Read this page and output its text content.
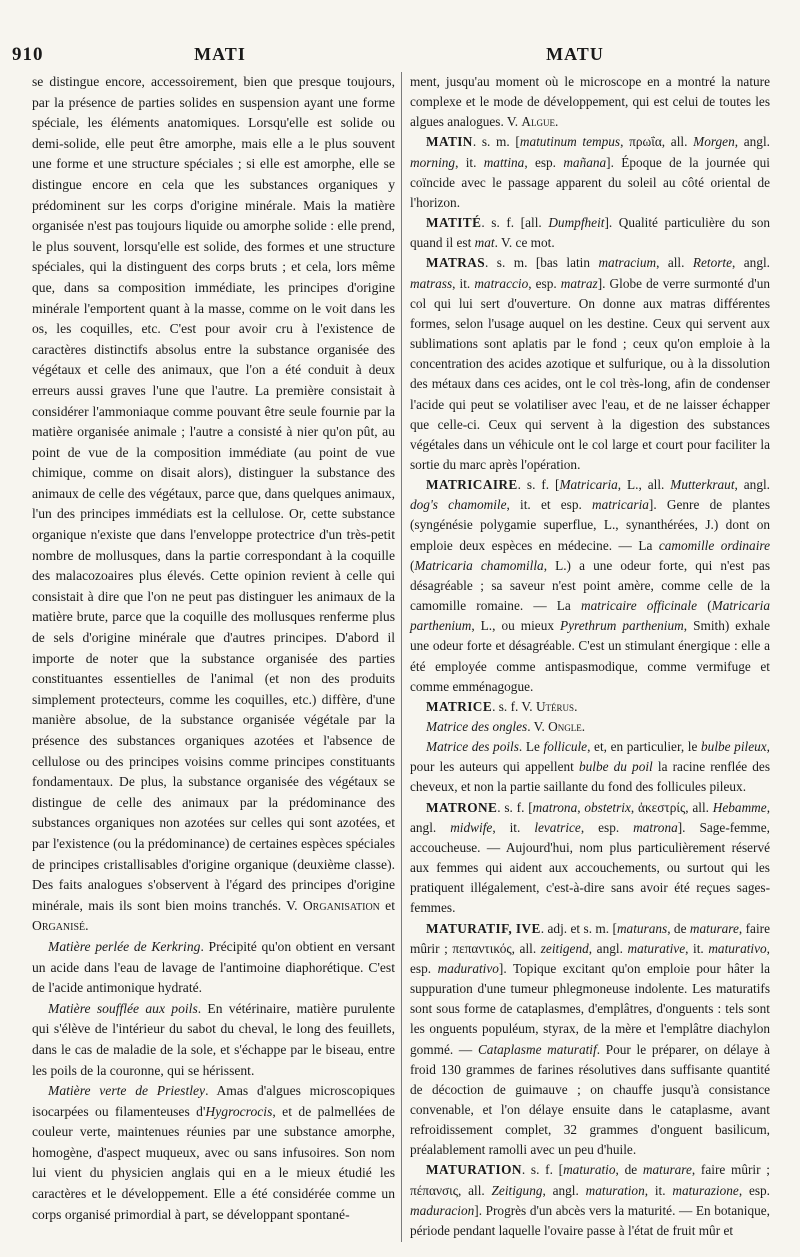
910	MATI	MATU

se distingue encore, accessoirement, bien que presque toujours, par la présence de parties solides en suspension ayant une forme spéciale, les éléments anatomiques. Lorsqu'elle est solide ou demi-solide, elle peut être amorphe, mais elle a le plus souvent une forme et une structure spéciales ; si elle est amorphe, elle se distingue encore en cela que les substances organiques y prédominent sur les corps d'origine minérale. Mais la matière organisée n'est pas toujours liquide ou amorphe solide : elle prend, le plus souvent, lorsqu'elle est solide, des formes et une structure spéciales, qui la distinguent des corps bruts ; et cela, lors même que, dans sa composition immédiate, les principes d'origine minérale l'emportent quant à la masse, comme on le voit dans les os, les coquilles, etc. C'est pour avoir cru à l'existence de caractères distinctifs absolus entre la substance organisée des végétaux et celle des animaux, que l'on a été conduit à deux erreurs aussi graves l'une que l'autre. La première consistait à considérer l'ammoniaque comme pouvant être seule fournie par la matière organisée animale ; l'autre a consisté à nier qu'on pût, au point de vue de la composition immédiate (au point de vue chimique, comme on disait alors), distinguer la substance des animaux de celle des végétaux, parce que, dans quelques animaux, l'un des principes immédiats est la cellulose. Or, cette substance organique n'existe que dans l'enveloppe protectrice d'un très-petit nombre de mollusques, dans la partie correspondant à la coquille des malacozoaires plus élevés. Cette opinion revient à celle qui consistait à dire que l'on ne peut pas distinguer les animaux de la matière brute, parce que la coquille des mollusques renferme plus de sels d'origine minérale que d'autres principes. D'abord il importe de noter que la substance organisée des parties constituantes essentielles de l'animal (et non des produits simplement protecteurs, comme les coquilles, etc.) diffère, d'une manière absolue, de la substance organisée végétale par la présence des substances organiques azotées et l'absence de cellulose ou des principes voisins comme principes constituants fondamentaux. De plus, la substance organisée des végétaux se distingue de celle des animaux par la prédominance des substances organiques non azotées sur celles qui sont azotées, et par l'existence (ou la prédominance) de certaines espèces spéciales de principes cristallisables d'origine organique (deuxième classe). Des faits analogues s'observent à l'égard des principes d'origine minérale, mais ils sont bien moins tranchés. V. Organisation et Organisé.

Matière perlée de Kerkring. Précipité qu'on obtient en versant un acide dans l'eau de lavage de l'antimoine diaphorétique. C'est de l'acide antimonique hydraté.

Matière soufflée aux poils. En vétérinaire, matière purulente qui s'élève de l'intérieur du sabot du cheval, le long des feuillets, dans le cas de maladie de la sole, et s'échappe par le biseau, entre les poils de la couronne, qui se hérissent.

Matière verte de Priestley. Amas d'algues microscopiques isocarpées ou filamenteuses d'Hygrocrocis, et de palmellées de couleur verte, maintenues réunies par une substance amorphe, homogène, d'aspect muqueux, avec ou sans infusoires. Son nom lui vient du physicien anglais qui en a le mieux étudié les caractères et le développement. Elle a été considérée comme un corps organisé primordial à part, se développant spontané-

ment, jusqu'au moment où le microscope en a montré la nature complexe et le mode de développement, qui est celui de toutes les algues analogues. V. Algue.

MATIN. s. m. [matutinum tempus, πρωΐα, all. Morgen, angl. morning, it. mattina, esp. mañana]. Époque de la journée qui coïncide avec le passage apparent du soleil au côté oriental de l'horizon.

MATITÉ. s. f. [all. Dumpfheit]. Qualité particulière du son quand il est mat. V. ce mot.

MATRAS. s. m. [bas latin matracium, all. Retorte, angl. matrass, it. matraccio, esp. matraz]. Globe de verre surmonté d'un col qui lui sert d'ouverture. On donne aux matras différentes formes, selon l'usage auquel on les destine. Ceux qui servent aux sublimations sont aplatis par le fond ; ceux qu'on emploie à la concentration des acides azotique et sulfurique, ou à la dissolution des métaux dans ces acides, ont le col très-long, afin de condenser l'acide qui peut se volatiliser avec l'eau, et de ne laisser échapper que celle-ci. Ceux qui servent à la digestion des substances végétales dans un véhicule ont le col large et court pour faciliter la sortie du marc après l'opération.

MATRICAIRE. s. f. [Matricaria, L., all. Mutterkraut, angl. dog's chamomile, it. et esp. matricaria]. Genre de plantes (syngénésie polygamie superflue, L., synanthérées, J.) dont on emploie deux espèces en médecine. — La camomille ordinaire (Matricaria chamomilla, L.) a une odeur forte, qui n'est pas désagréable ; sa saveur n'est point amère, comme celle de la camomille romaine. — La matricaire officinale (Matricaria parthenium, L., ou mieux Pyrethrum parthenium, Smith) exhale une odeur forte et désagréable. C'est un stimulant énergique : elle a été employée comme antispasmodique, comme vermifuge et comme emménagogue.

MATRICE. s. f. V. Utérus.

Matrice des ongles. V. Ongle.

Matrice des poils. Le follicule, et, en particulier, le bulbe pileux, pour les auteurs qui appellent bulbe du poil la racine renflée des cheveux, et non la partie saillante du fond des follicules pileux.

MATRONE. s. f. [matrona, obstetrix, ἀκεστρίς, all. Hebamme, angl. midwife, it. levatrice, esp. matrona]. Sage-femme, accoucheuse. — Aujourd'hui, nom plus particulièrement réservé aux femmes qui aident aux accouchements, ou surtout qui les pratiquent illégalement, c'est-à-dire sans avoir été reçues sages-femmes.

MATURATIF, IVE. adj. et s. m. [maturans, de maturare, faire mûrir ; πεπαντικός, all. zeitigend, angl. maturative, it. maturativo, esp. madurativo]. Topique excitant qu'on emploie pour hâter la suppuration d'une tumeur phlegmoneuse indolente. Les maturatifs sont sous forme de cataplasmes, d'emplâtres, d'onguents : tels sont les onguents populéum, styrax, de la mère et l'emplâtre diachylon gommé. — Cataplasme maturatif. Pour le préparer, on délaye à froid 130 grammes de farines résolutives dans suffisante quantité de décoction de guimauve ; on chauffe jusqu'à consistance convenable, et l'on délaye ensuite dans le cataplasme, avant refroidissement complet, 32 grammes d'onguent basilicum, préalablement ramolli avec un peu d'huile.

MATURATION. s. f. [maturatio, de maturare, faire mûrir ; πέπανσις, all. Zeitigung, angl. maturation, it. maturazione, esp. maduracion]. Progrès d'un abcès vers la maturité. — En botanique, période pendant laquelle l'ovaire passe à l'état de fruit mûr et
